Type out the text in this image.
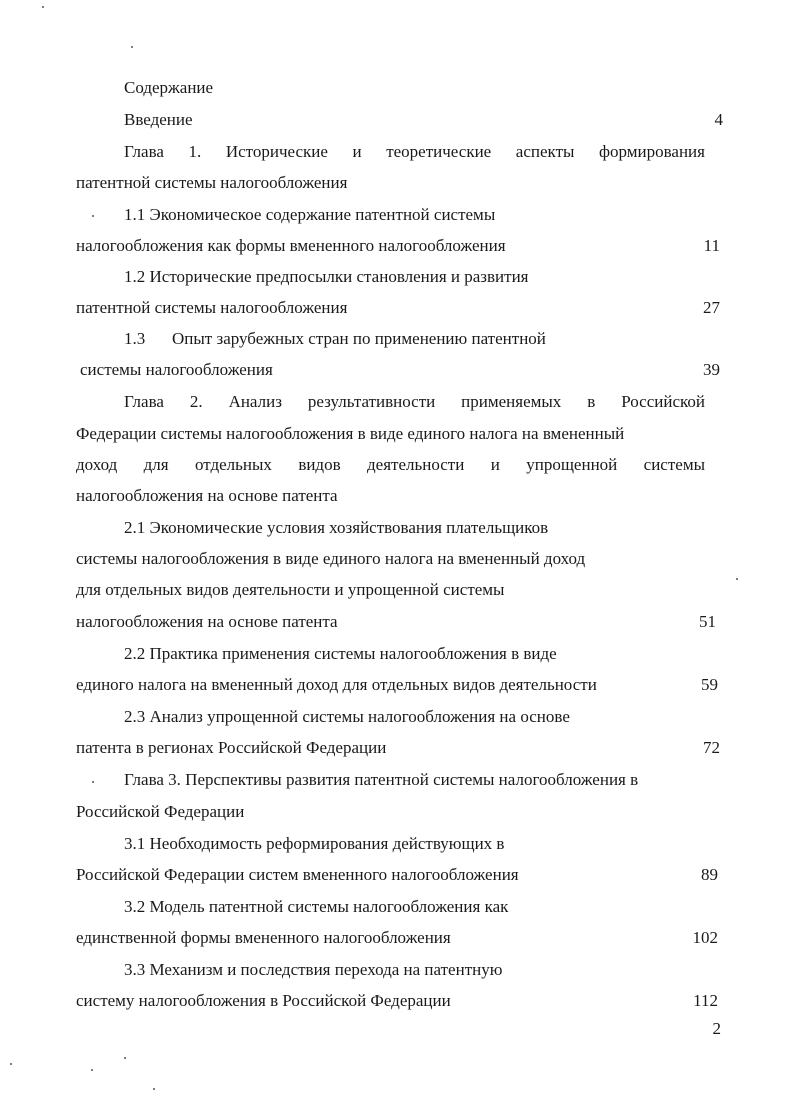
Содержание
Введение	4
Глава 1. Исторические и теоретические аспекты формирования
патентной системы налогообложения
1.1 Экономическое содержание патентной системы
налогообложения как формы вмененного налогообложения	11
1.2 Исторические предпосылки становления и развития
патентной системы налогообложения	27
1.3 Опыт зарубежных стран по применению патентной
системы налогообложения	39
Глава 2. Анализ результативности применяемых в Российской
Федерации системы налогообложения в виде единого налога на вмененный
доход для отдельных видов деятельности и упрощенной системы
налогообложения на основе патента
2.1 Экономические условия хозяйствования плательщиков
системы налогообложения в виде единого налога на вмененный доход
для отдельных видов деятельности и упрощенной системы
налогообложения на основе патента	51
2.2 Практика применения системы налогообложения в виде
единого налога на вмененный доход для отдельных видов деятельности	59
2.3 Анализ упрощенной системы налогообложения на основе
патента в регионах Российской Федерации	72
Глава 3. Перспективы развития патентной системы налогообложения в
Российской Федерации
3.1 Необходимость реформирования действующих в
Российской Федерации систем вмененного налогообложения	89
3.2 Модель патентной системы налогообложения как
единственной формы вмененного налогообложения	102
3.3 Механизм и последствия перехода на патентную
систему налогообложения в Российской Федерации	112
2
